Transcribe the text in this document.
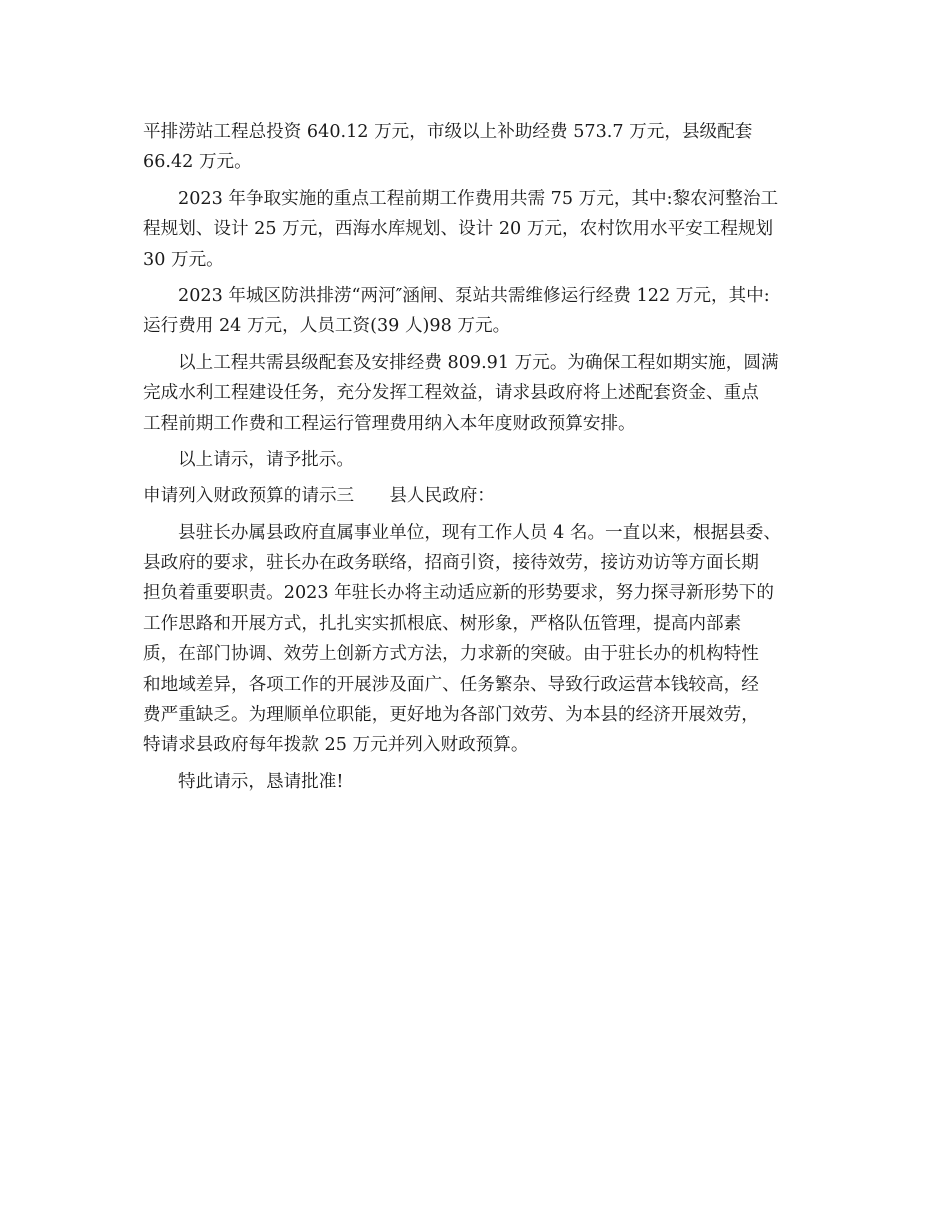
平排涝站工程总投资 640.12 万元，市级以上补助经费 573.7 万元，县级配套

66.42 万元。

2023 年争取实施的重点工程前期工作费用共需 75 万元，其中:黎农河整治工

程规划、设计 25 万元，西海水库规划、设计 20 万元，农村饮用水平安工程规划

30 万元。

2023 年城区防洪排涝“两河″涵闸、泵站共需维修运行经费 122 万元，其中:

运行费用 24 万元，人员工资(39 人)98 万元。

以上工程共需县级配套及安排经费 809.91 万元。为确保工程如期实施，圆满

完成水利工程建设任务，充分发挥工程效益，请求县政府将上述配套资金、重点

工程前期工作费和工程运行管理费用纳入本年度财政预算安排。

以上请示，请予批示。

申请列入财政预算的请示三　　县人民政府：

县驻长办属县政府直属事业单位，现有工作人员 4 名。一直以来，根据县委、

县政府的要求，驻长办在政务联络，招商引资，接待效劳，接访劝访等方面长期

担负着重要职责。2023 年驻长办将主动适应新的形势要求，努力探寻新形势下的

工作思路和开展方式，扎扎实实抓根底、树形象，严格队伍管理，提高内部素

质，在部门协调、效劳上创新方式方法，力求新的突破。由于驻长办的机构特性

和地域差异，各项工作的开展涉及面广、任务繁杂、导致行政运营本钱较高，经

费严重缺乏。为理顺单位职能，更好地为各部门效劳、为本县的经济开展效劳，

特请求县政府每年拨款 25 万元并列入财政预算。

特此请示，恳请批准!
